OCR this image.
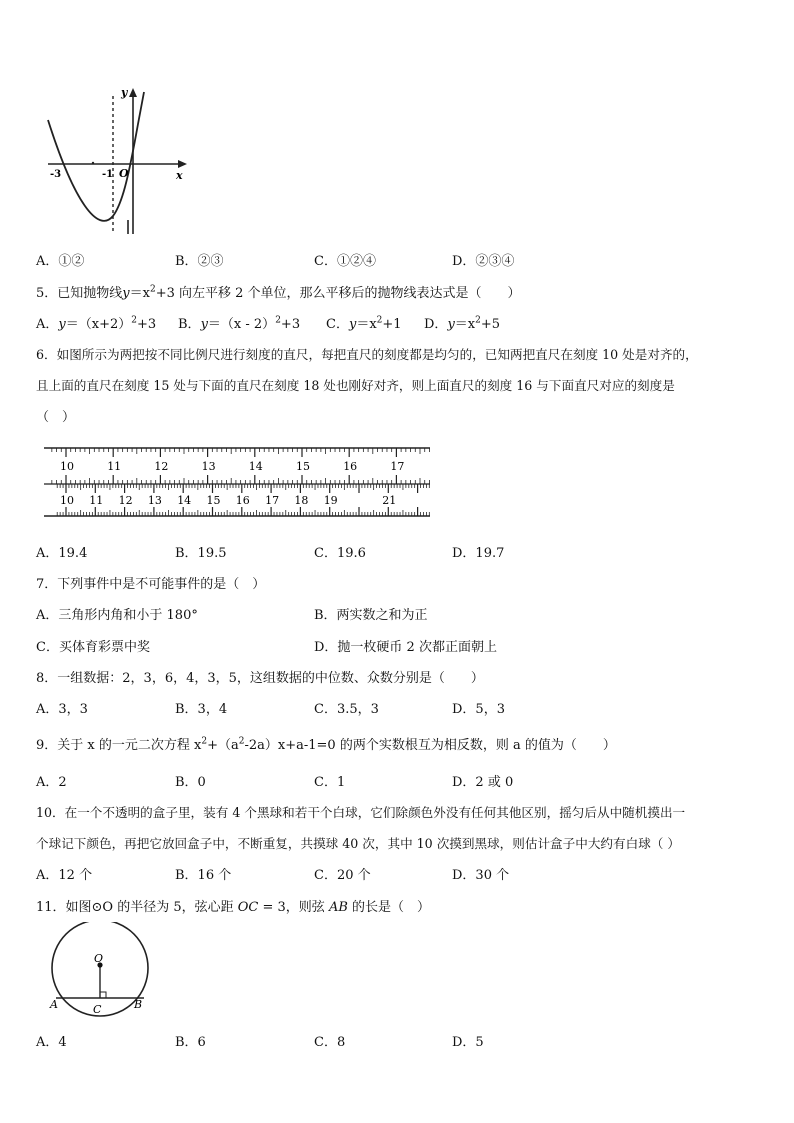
-3	-1 O	x
y
A．①②	B．②③	C．①②④	D．②③④
5．已知抛物线$y=x^2+3$ 向左平移 2 个单位，那么平移后的抛物线表达式是（　　）
A．$y=(x+2)^2+3$ B．y＝（x - 2）$^2$+3 C．$y=x^2+1$ D．$y=x^2+5$
6．如图所示为两把按不同比例尺进行刻度的直尺，每把直尺的刻度都是均匀的，已知两把直尺在刻度 10 处是对齐的，
且上面的直尺在刻度 15 处与下面的直尺在刻度 18 处也刚好对齐，则上面直尺的刻度 16 与下面直尺对应的刻度是
（　）
10	11	12	13	14	15	16	17
10 11 12 13 14 15 16 17 18 19	21
A．19.4	B．19.5	C．19.6	D．19.7
7．下列事件中是不可能事件的是（　）
A．三角形内角和小于 180°	B．两实数之和为正
C．买体育彩票中奖	D．抛一枚硬币 2 次都正面朝上
8．一组数据：2，3，6，4，3，5，这组数据的中位数、众数分别是（　　）
A．3，3	B．3，4	C．3.5，3	D．5，3
9．关于 x 的一元二次方程 $x^2+(a^2-2a)x+a-1=0$ 的两个实数根互为相反数，则 a 的值为（　　）
A．2	B．0	C．1	D．2 或 0
10．在一个不透明的盒子里，装有 4 个黑球和若干个白球，它们除颜色外没有任何其他区别，摇匀后从中随机摸出一
个球记下颜色，再把它放回盒子中，不断重复，共摸球 40 次，其中 10 次摸到黑球，则估计盒子中大约有白球（ ）
A．12 个	B．16 个	C．20 个	D．30 个
11．如图⊙O 的半径为 5，弦心距 OC = 3，则弦 AB 的长是（　）
O
A	B
C
A．4	B．6	C．8	D．5
